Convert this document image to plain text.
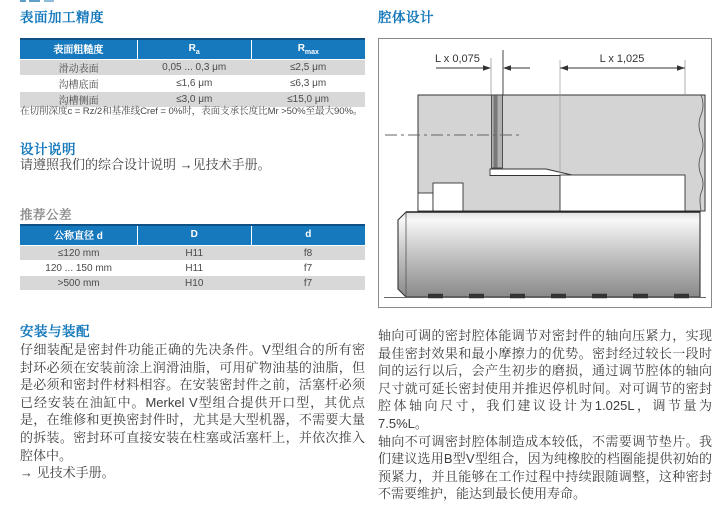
表面加工精度
表面粗糙度	$R_a$	$R_{max}$
滑动表面	0,05 ... 0,3 μm	≤2,5 μm
沟槽底面	≤1,6 μm	≤6,3 μm
沟槽侧面	≤3,0 μm	≤15,0 μm
在切削深度c = Rz/2和基准线Cref = 0%时，表面支承长度比Mr >50%至最大90%。
设计说明
请遵照我们的综合设计说明 →见技术手册。
推荐公差
公称直径 d	D	d
≤120 mm	H11	f8
120 ... 150 mm	H11	f7
>500 mm	H10	f7
安装与装配
仔细装配是密封件功能正确的先决条件。V型组合的所有密封环必须在安装前涂上润滑油脂，可用矿物油基的油脂，但是必须和密封件材料相容。在安装密封件之前，活塞杆必须已经安装在油缸中。Merkel V型组合提供开口型，其优点是，在维修和更换密封件时，尤其是大型机器，不需要大量的拆装。密封环可直接安装在柱塞或活塞杆上，并依次推入腔体中。
→ 见技术手册。
腔体设计
L x 0,075	L x 1,025
轴向可调的密封腔体能调节对密封件的轴向压紧力，实现最佳密封效果和最小摩擦力的优势。密封经过较长一段时间的运行以后，会产生初步的磨损，通过调节腔体的轴向尺寸就可延长密封使用并推迟停机时间。对可调节的密封腔体轴向尺寸，我们建议设计为1.025L，调节量为7.5%L。
轴向不可调密封腔体制造成本较低，不需要调节垫片。我们建议选用B型V型组合，因为纯橡胶的档圈能提供初始的预紧力，并且能够在工作过程中持续跟随调整，这种密封不需要维护，能达到最长使用寿命。
